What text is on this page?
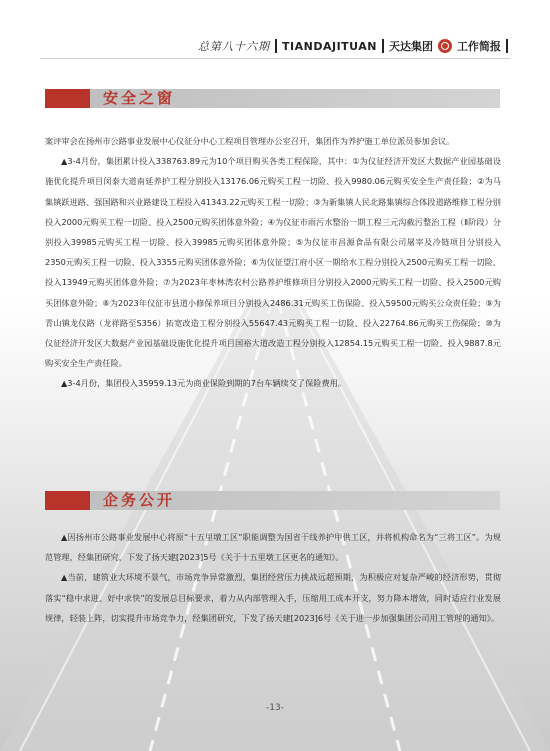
总第八十六期 TIANDAJITUAN 天达集团 工作简报
安全之窗

案评审会在扬州市公路事业发展中心仪征分中心工程项目管理办公室召开，集团作为养护施工单位派员参加会议。

▲3-4月份，集团累计投入338763.89元为10个项目购买各类工程保险，其中：①为仪征经济开发区大数据产业园基础设施优化提升项目闵泰大道南延养护工程分别投入13176.06元购买工程一切险、投入9980.06元购买安全生产责任险；②为马集镇跃进路、强国路和兴业路建设工程投入41343.22元购买工程一切险；③为新集镇人民北路集镇综合体段道路维修工程分别投入2000元购买工程一切险、投入2500元购买团体意外险；④为仪征市雨污水整治一期工程三元沟截污整治工程（Ⅱ阶段）分别投入39985元购买工程一切险、投入39985元购买团体意外险；⑤为仪征市昌源食品有限公司屠宰及冷链项目分别投入2350元购买工程一切险、投入3355元购买团体意外险；⑥为仪征望江府小区一期给水工程分别投入2500元购买工程一切险、投入13949元购买团体意外险；⑦为2023年枣林湾农村公路养护维修项目分别投入2000元购买工程一切险、投入2500元购买团体意外险；⑧为2023年仪征市县道小修保养项目分别投入2486.31元购买工伤保险、投入59500元购买公众责任险；⑨为青山镇龙仪路（龙祥路至S356）拓宽改造工程分别投入55647.43元购买工程一切险、投入22764.86元购买工伤保险；⑩为仪征经济开发区大数据产业园基础设施优化提升项目国裕大道改造工程分别投入12854.15元购买工程一切险、投入9887.8元购买安全生产责任险。

▲3-4月份，集团投入35959.13元为商业保险到期的7台车辆续交了保险费用。

企务公开

▲因扬州市公路事业发展中心将原“十五里墩工区”职能调整为国省干线养护甲供工区，并将机构命名为“三将工区”。为规范管理，经集团研究，下发了扬天建[2023]5号《关于十五里墩工区更名的通知》。

▲当前，建筑业大环境不景气，市场竞争异常激烈，集团经营压力挑战远超预期，为积极应对复杂严峻的经济形势，贯彻落实“稳中求进、好中求快”的发展总目标要求，着力从内部管理入手，压缩用工成本开支，努力降本增效，同时适应行业发展规律，轻装上阵，切实提升市场竞争力，经集团研究，下发了扬天建[2023]6号《关于进一步加强集团公司用工管理的通知》。

-13-
